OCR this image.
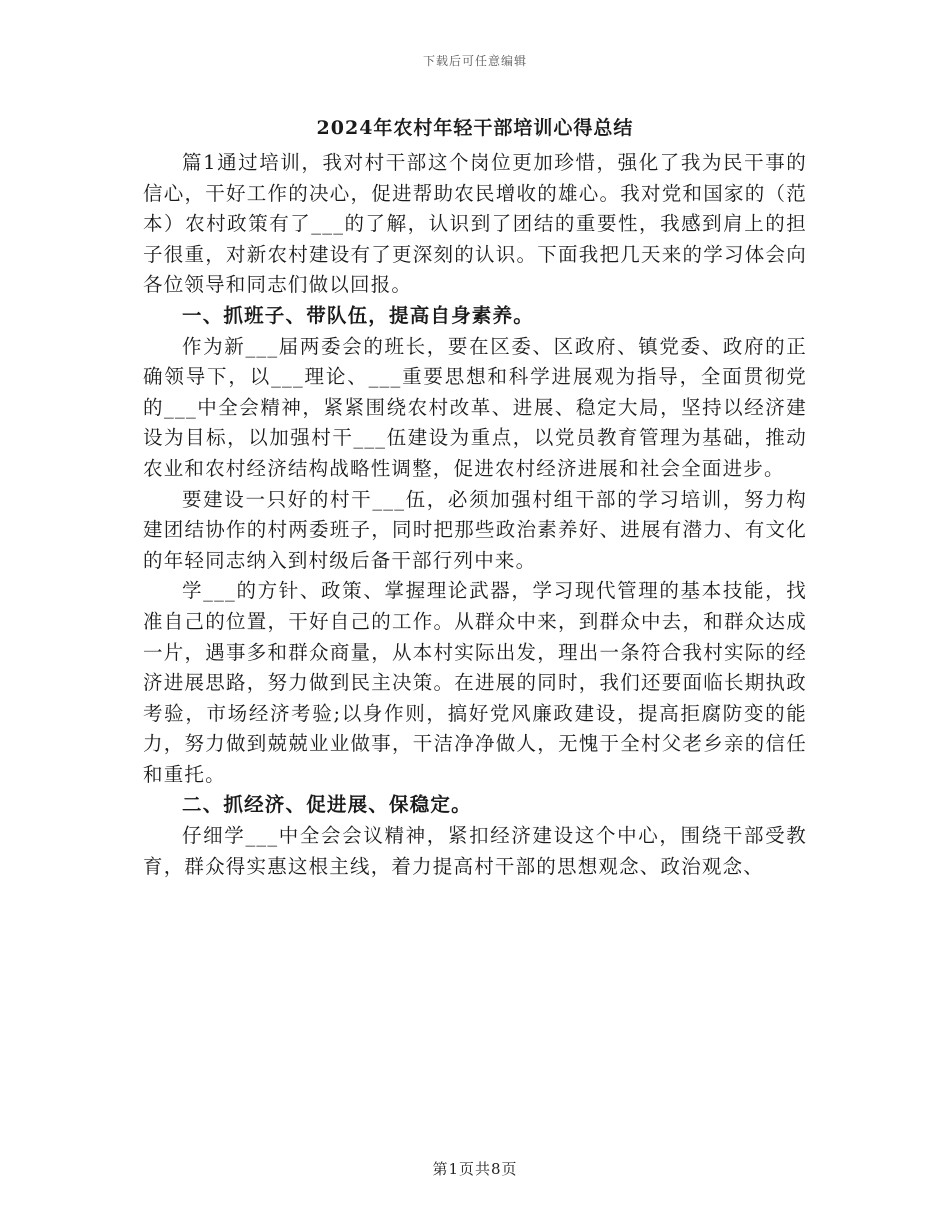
下载后可任意编辑
2024年农村年轻干部培训心得总结

篇1通过培训，我对村干部这个岗位更加珍惜，强化了我为民干事的信心，干好工作的决心，促进帮助农民增收的雄心。我对党和国家的（范本）农村政策有了___的了解，认识到了团结的重要性，我感到肩上的担子很重，对新农村建设有了更深刻的认识。下面我把几天来的学习体会向各位领导和同志们做以回报。

一、抓班子、带队伍，提高自身素养。

作为新___届两委会的班长，要在区委、区政府、镇党委、政府的正确领导下，以___理论、___重要思想和科学进展观为指导，全面贯彻党的___中全会精神，紧紧围绕农村改革、进展、稳定大局，坚持以经济建设为目标，以加强村干___伍建设为重点，以党员教育管理为基础，推动农业和农村经济结构战略性调整，促进农村经济进展和社会全面进步。

要建设一只好的村干___伍，必须加强村组干部的学习培训，努力构建团结协作的村两委班子，同时把那些政治素养好、进展有潜力、有文化的年轻同志纳入到村级后备干部行列中来。

学___的方针、政策、掌握理论武器，学习现代管理的基本技能，找准自己的位置，干好自己的工作。从群众中来，到群众中去，和群众达成一片，遇事多和群众商量，从本村实际出发，理出一条符合我村实际的经济进展思路，努力做到民主决策。在进展的同时，我们还要面临长期执政考验，市场经济考验;以身作则，搞好党风廉政建设，提高拒腐防变的能力，努力做到兢兢业业做事，干洁净净做人，无愧于全村父老乡亲的信任和重托。

二、抓经济、促进展、保稳定。

仔细学___中全会会议精神，紧扣经济建设这个中心，围绕干部受教育，群众得实惠这根主线，着力提高村干部的思想观念、政治观念、

第1页共8页
